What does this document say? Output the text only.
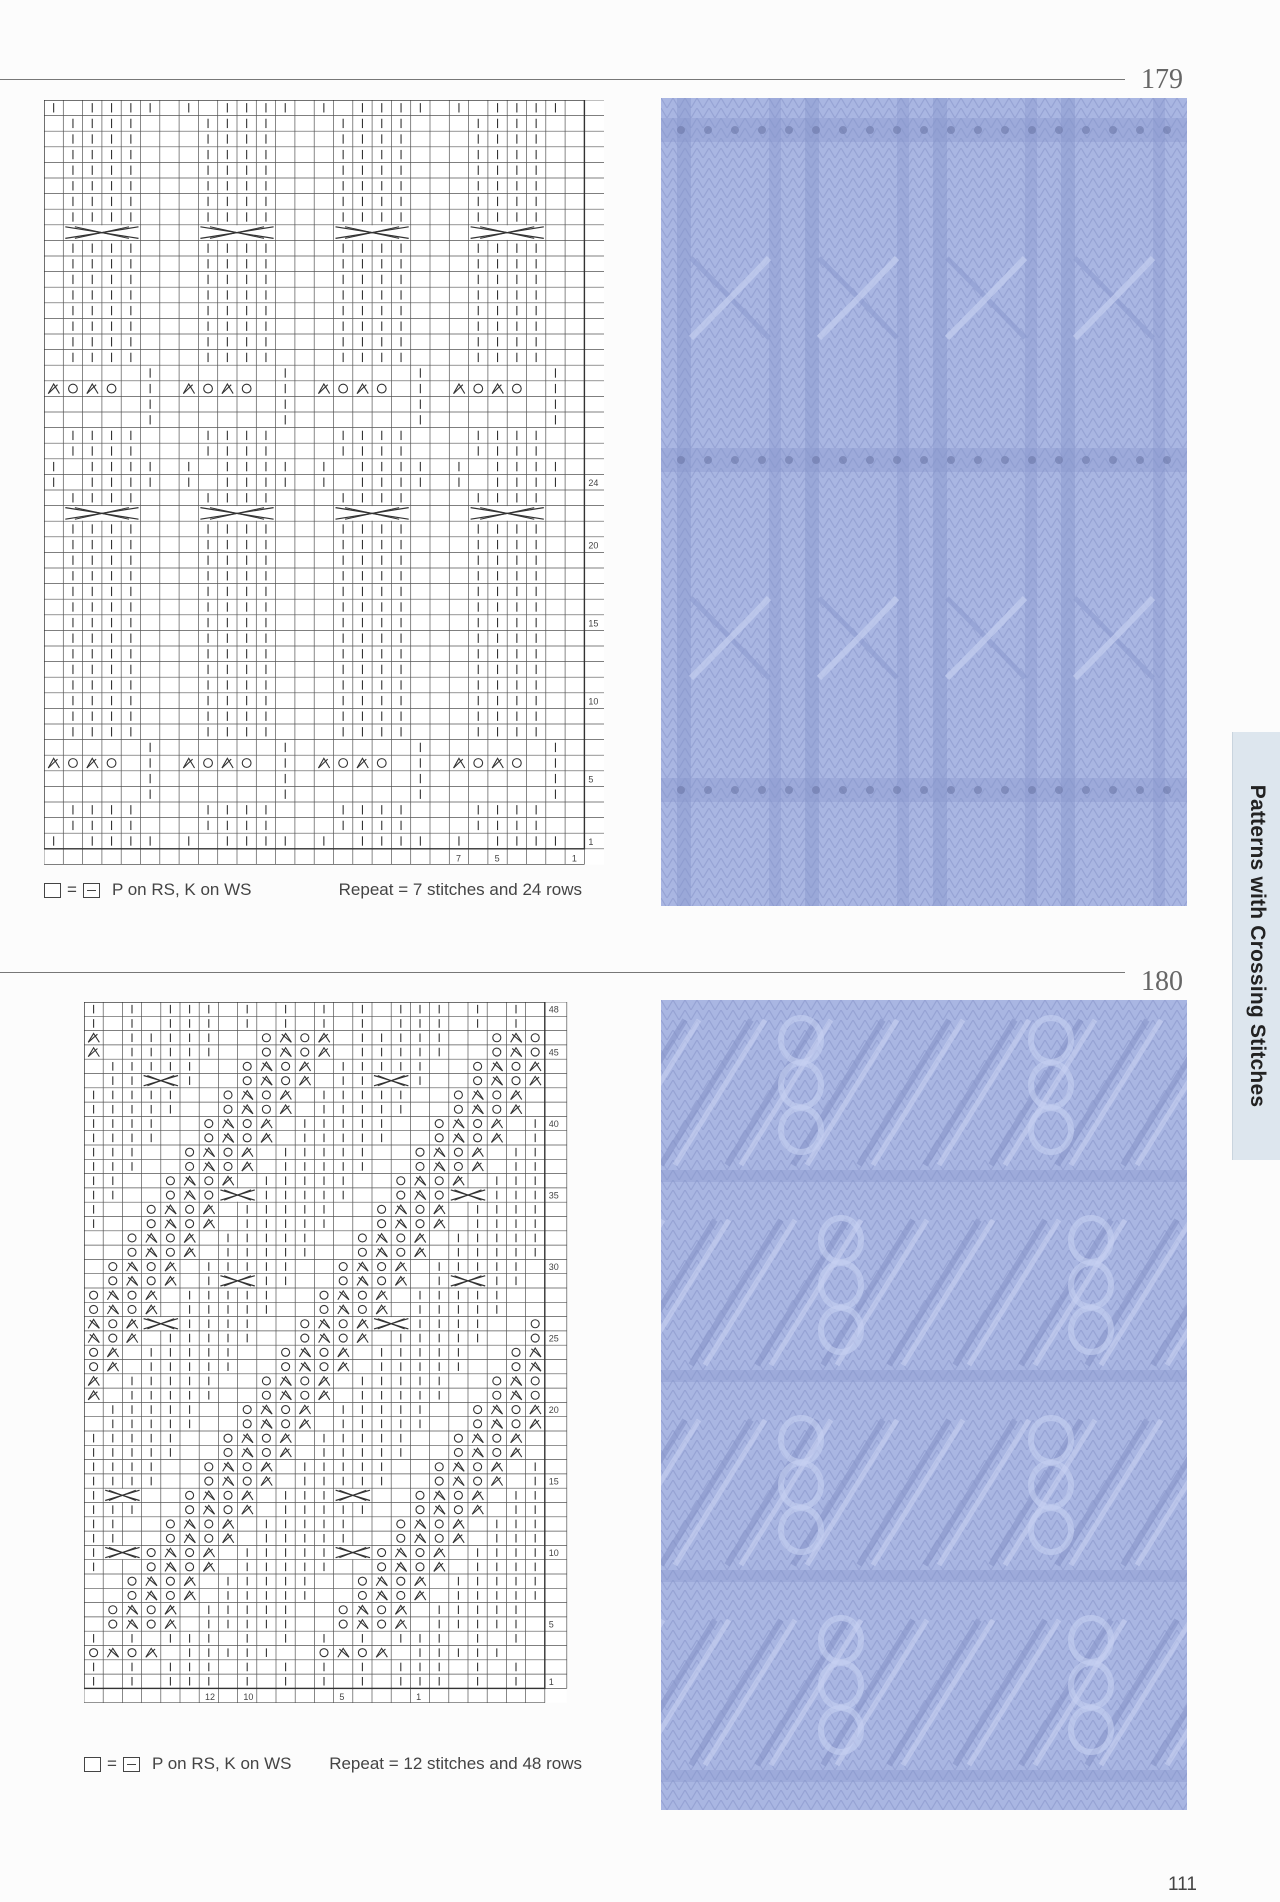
179
180
1
5
10
15
20
24
7	5	1
= P on RS, K on WS	Repeat = 7 stitches and 24 rows
1
5
10
15
20
25
30
35
40
45
48
12	10	5	1
= P on RS, K on WS Repeat = 12 stitches and 48 rows
Patterns with Crossing Stitches
111
